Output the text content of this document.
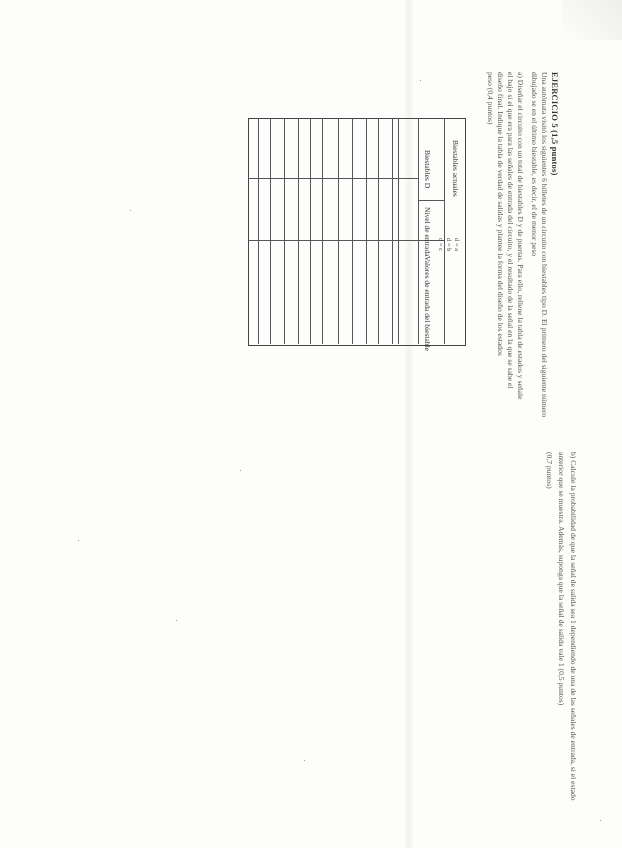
EJERCICIO 5 (1,5 puntos)
Una autómata visitó los siguientes 6 billetes de un circuito con biestables tipo D. El primero del siguiente número
dibujado se en el último biestable, es decir, el de menor peso
a) Diseñar el circuito con un total de biestables D y de puertas. Para ello, rellene la tabla de estados y señale
el bajo si el que era para las señales de entrada del circuito, y el resultado de la señal en la que se sabe el
diseño final. Indique la tabla de verdad de salidas y plantee la forma del diseño de los estados
peso (0,4 puntos)
Biestables actuales
Biestables D
Nivel de entrada
Valores de entrada del biestable
d = a
d = b
d = c
b) Calcule la probabilidad de que la señal de salida sea 1 dependiendo de una de las señales de entrada, si el estado
anterior que se muestra. Además, suponga que la señal de salida vale 1 (0,5 puntos)
(0,7 puntos)
